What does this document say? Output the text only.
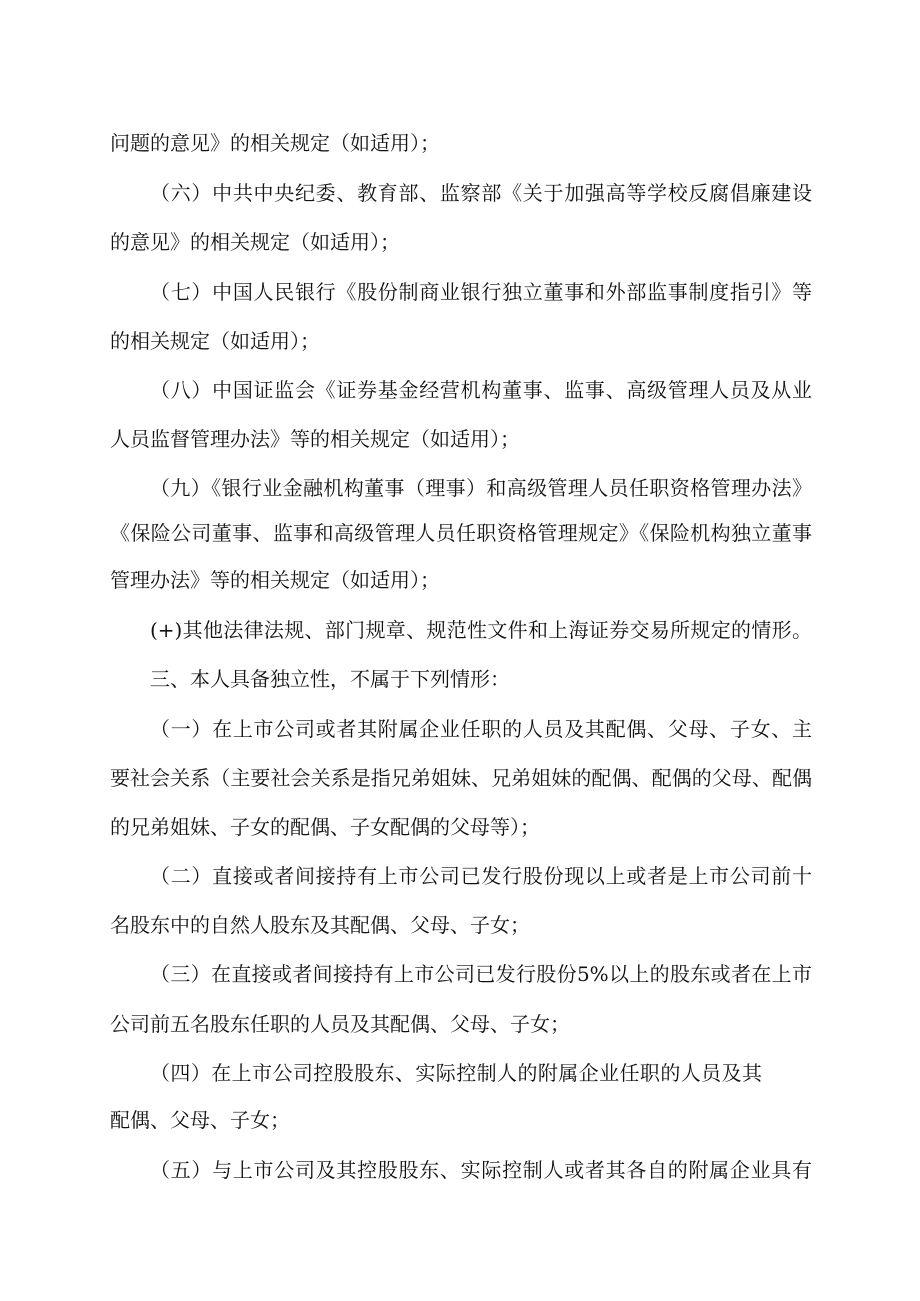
问题的意见》的相关规定（如适用）；
（六）中共中央纪委、教育部、监察部《关于加强高等学校反腐倡廉建设
的意见》的相关规定（如适用）；
（七）中国人民银行《股份制商业银行独立董事和外部监事制度指引》等
的相关规定（如适用）；
（八）中国证监会《证券基金经营机构董事、监事、高级管理人员及从业
人员监督管理办法》等的相关规定（如适用）；
（九）《银行业金融机构董事（理事）和高级管理人员任职资格管理办法》
《保险公司董事、监事和高级管理人员任职资格管理规定》《保险机构独立董事
管理办法》等的相关规定（如适用）；
(+)其他法律法规、部门规章、规范性文件和上海证券交易所规定的情形。
三、本人具备独立性，不属于下列情形：
（一）在上市公司或者其附属企业任职的人员及其配偶、父母、子女、主
要社会关系（主要社会关系是指兄弟姐妹、兄弟姐妹的配偶、配偶的父母、配偶
的兄弟姐妹、子女的配偶、子女配偶的父母等）；
（二）直接或者间接持有上市公司已发行股份现以上或者是上市公司前十
名股东中的自然人股东及其配偶、父母、子女；
（三）在直接或者间接持有上市公司已发行股份5%以上的股东或者在上市
公司前五名股东任职的人员及其配偶、父母、子女；
（四）在上市公司控股股东、实际控制人的附属企业任职的人员及其
配偶、父母、子女；
（五）与上市公司及其控股股东、实际控制人或者其各自的附属企业具有
